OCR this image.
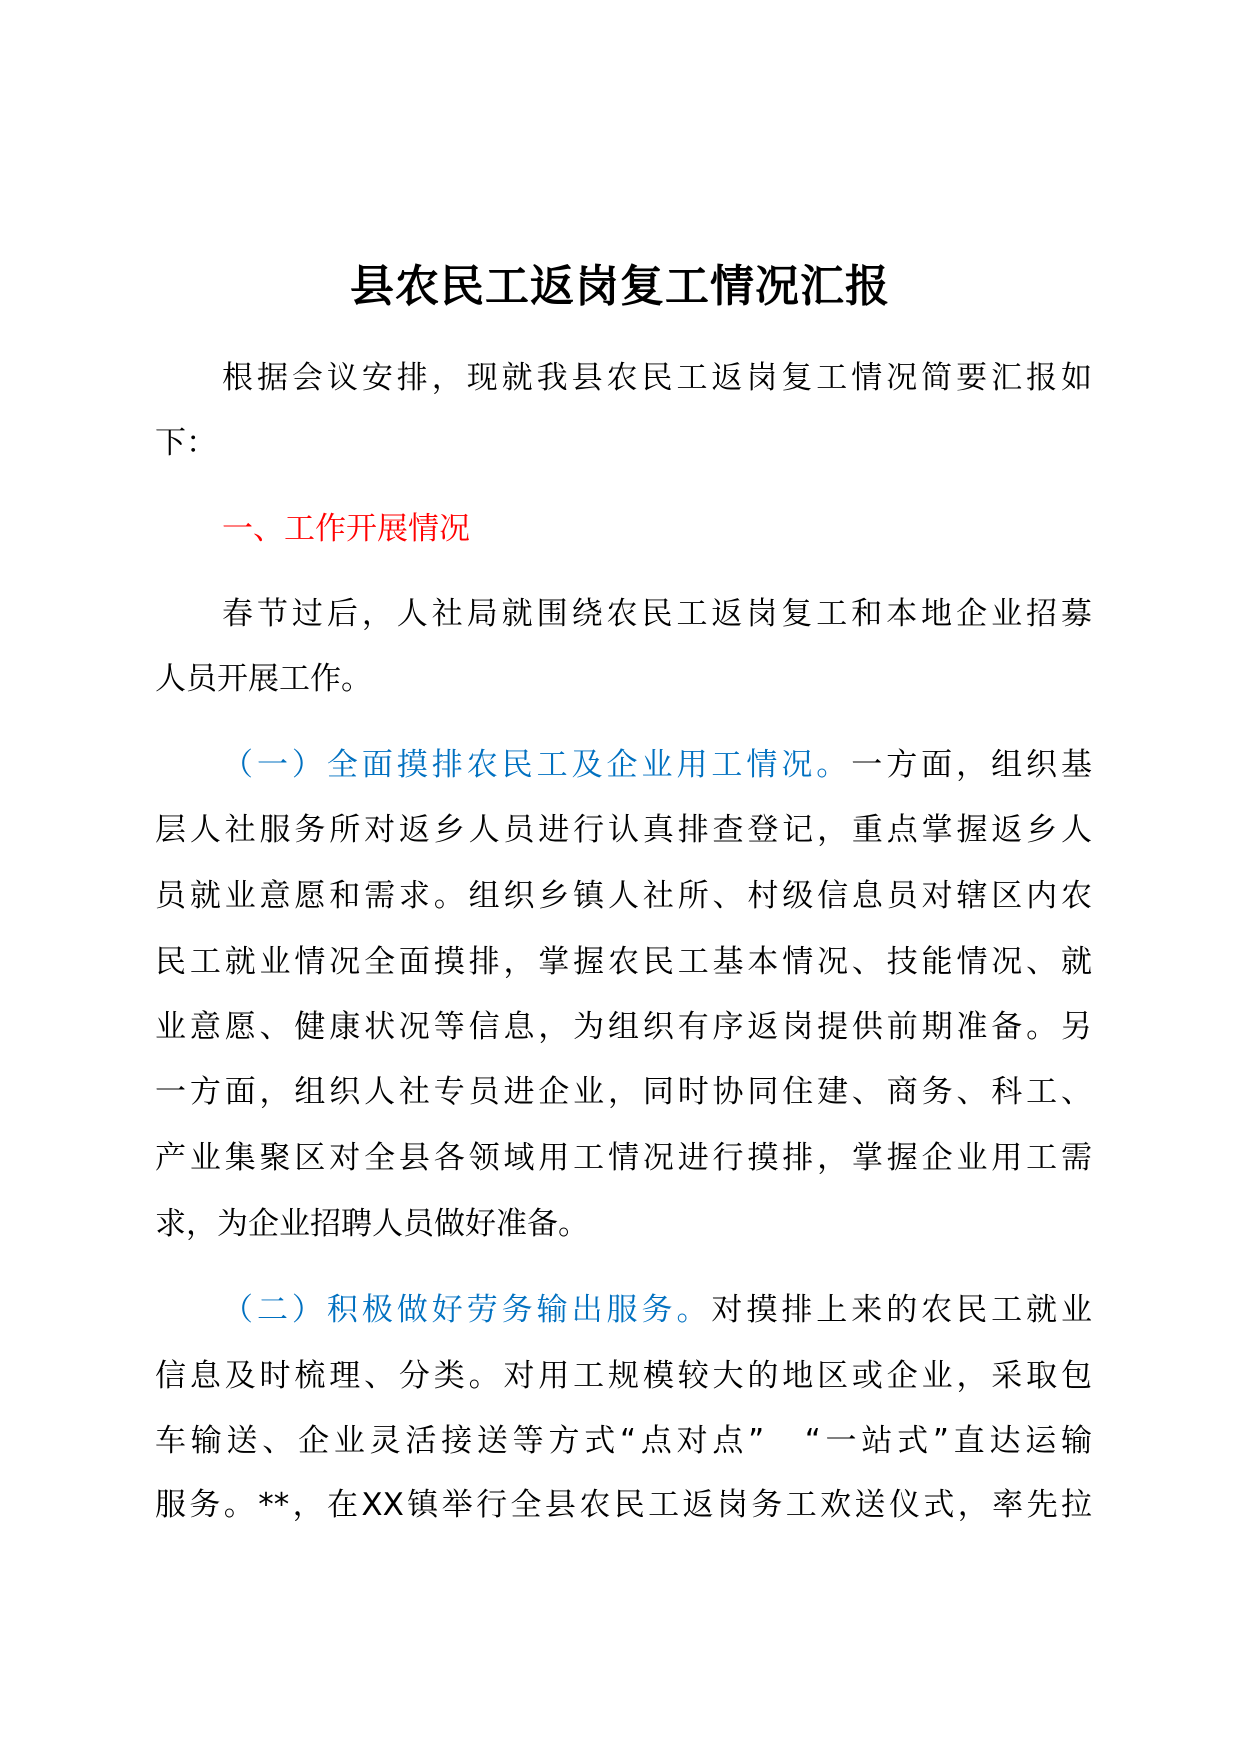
县农民工返岗复工情况汇报
根据会议安排，现就我县农民工返岗复工情况简要汇报如
下：
一、工作开展情况
春节过后，人社局就围绕农民工返岗复工和本地企业招募
人员开展工作。
（一）全面摸排农民工及企业用工情况。一方面，组织基
层人社服务所对返乡人员进行认真排查登记，重点掌握返乡人
员就业意愿和需求。组织乡镇人社所、村级信息员对辖区内农
民工就业情况全面摸排，掌握农民工基本情况、技能情况、就
业意愿、健康状况等信息，为组织有序返岗提供前期准备。另
一方面，组织人社专员进企业，同时协同住建、商务、科工、
产业集聚区对全县各领域用工情况进行摸排，掌握企业用工需
求，为企业招聘人员做好准备。
（二）积极做好劳务输出服务。对摸排上来的农民工就业
信息及时梳理、分类。对用工规模较大的地区或企业，采取包
车输送、企业灵活接送等方式“点对点”　“一站式”直达运输
服务。**，在XX镇举行全县农民工返岗务工欢送仪式，率先拉
